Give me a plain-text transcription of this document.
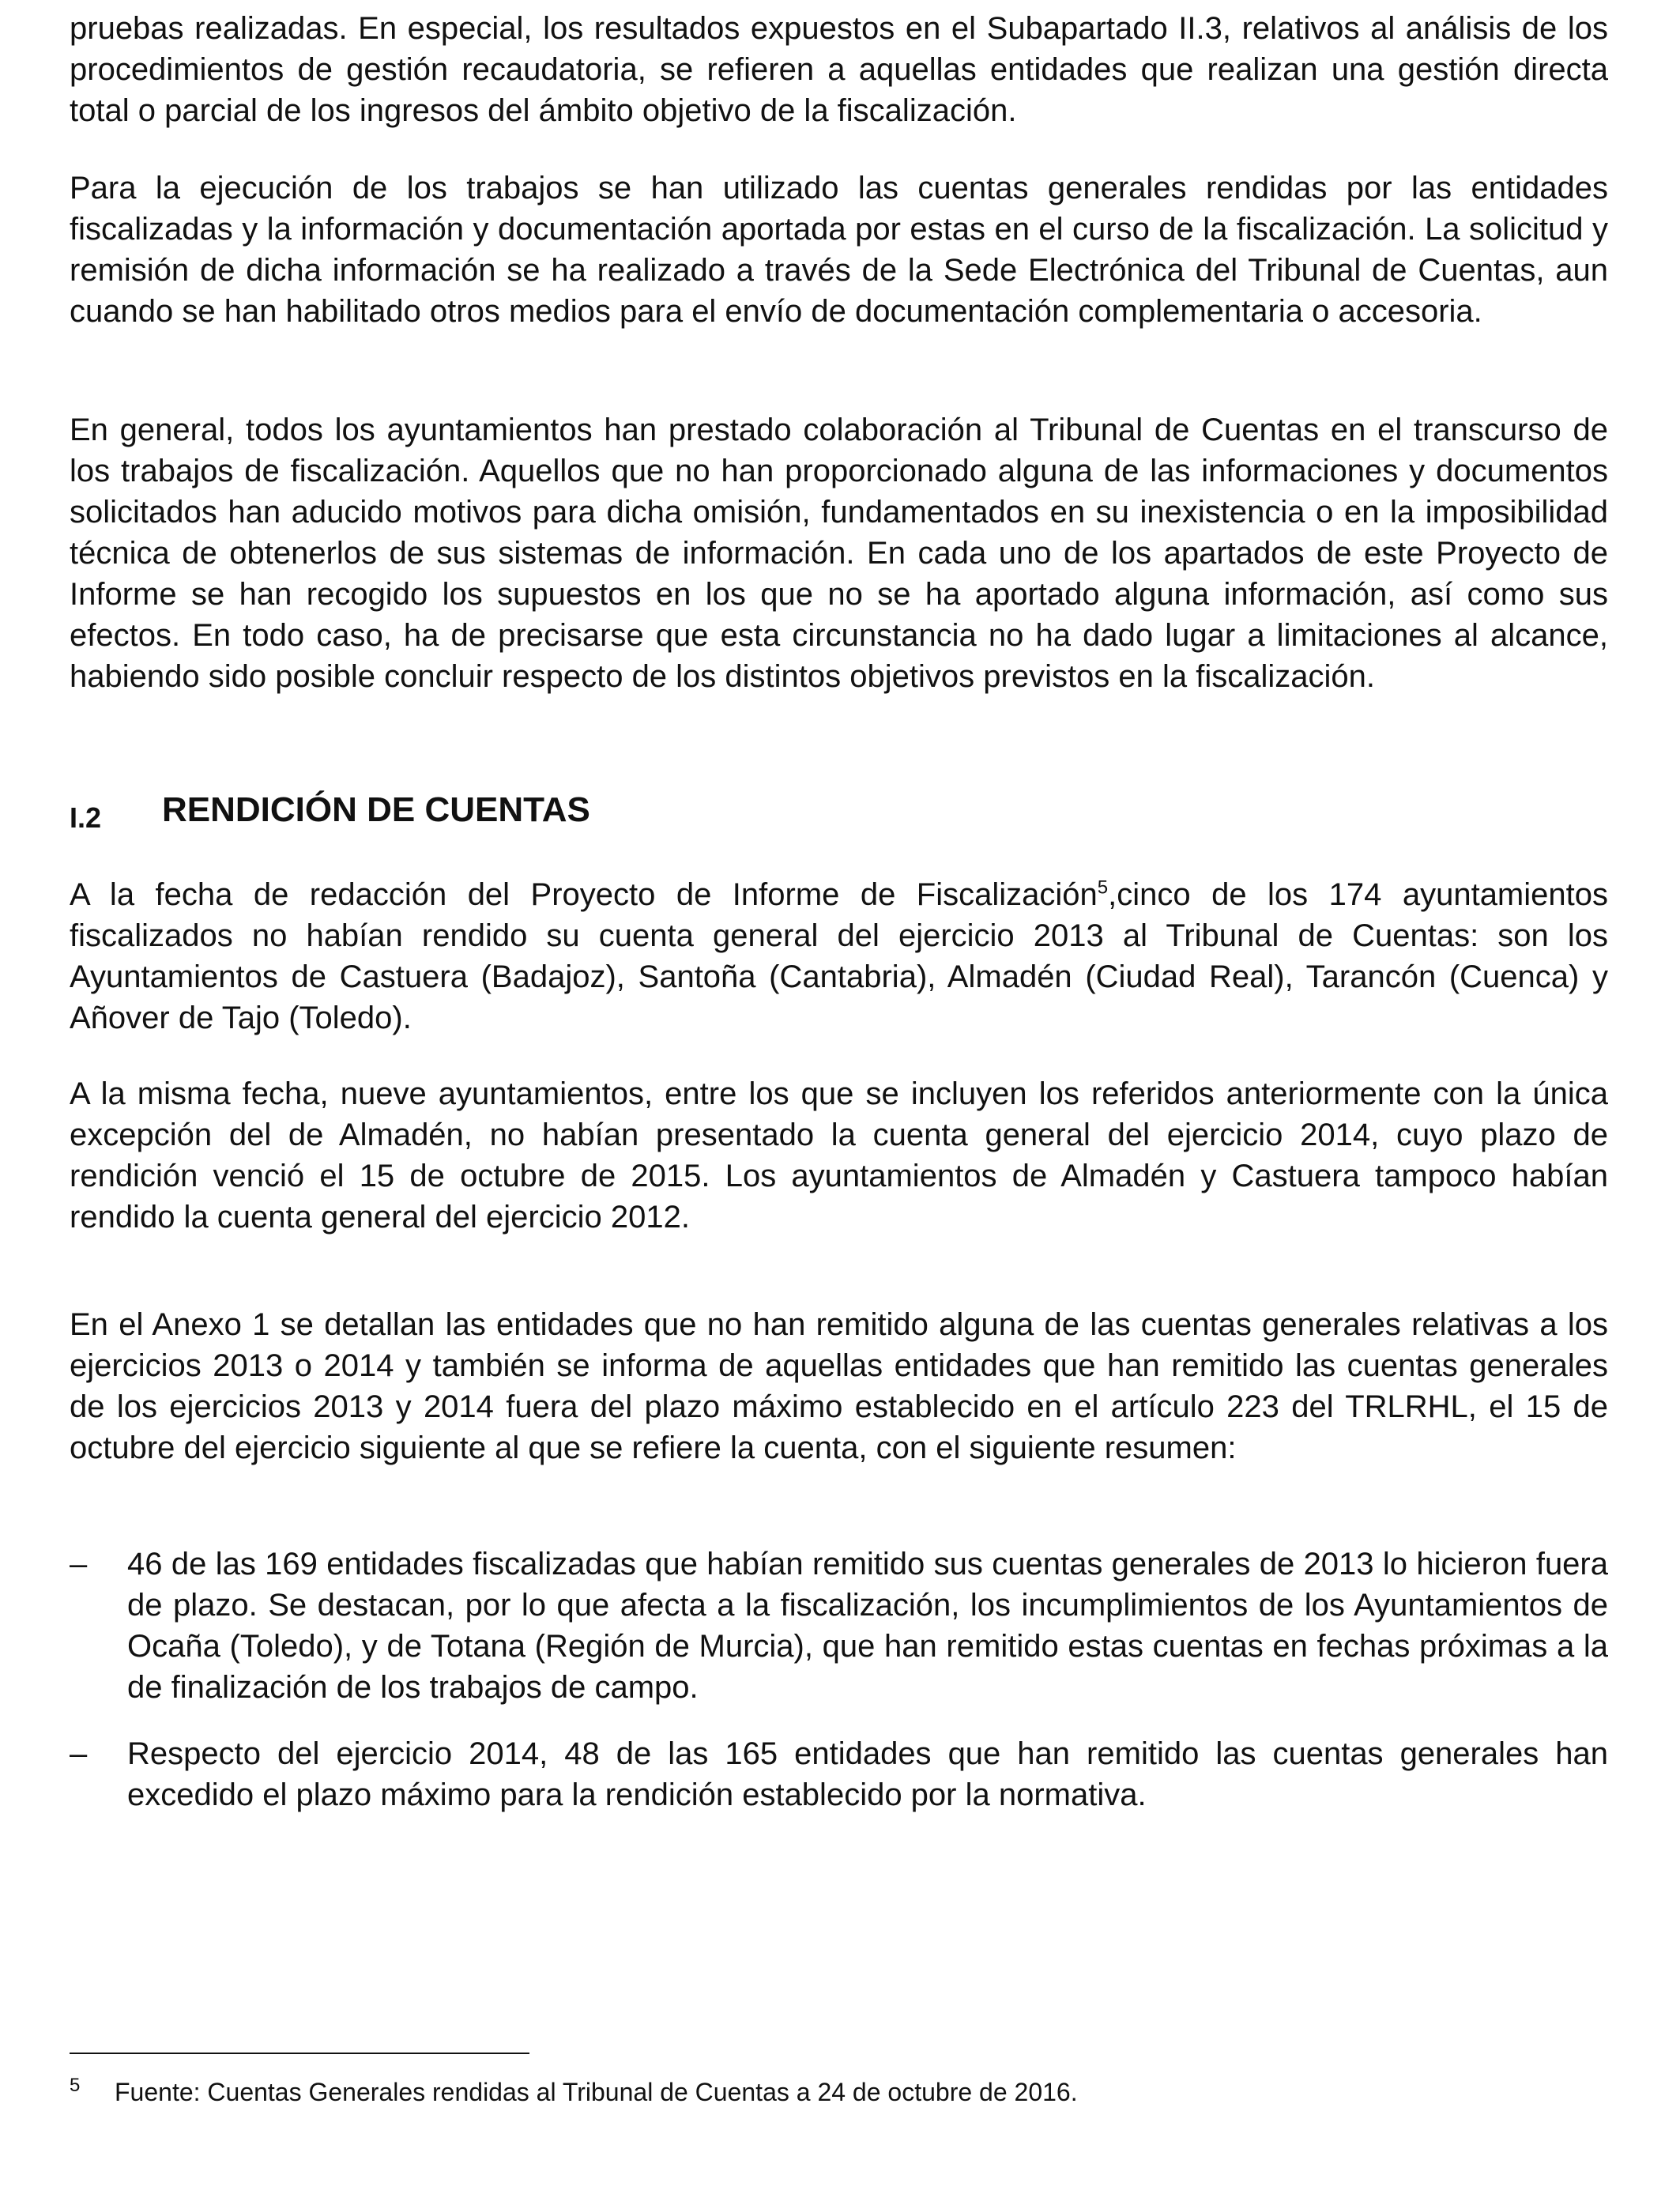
pruebas realizadas. En especial, los resultados expuestos en el Subapartado II.3, relativos al análisis de los procedimientos de gestión recaudatoria, se refieren a aquellas entidades que realizan una gestión directa total o parcial de los ingresos del ámbito objetivo de la fiscalización.

Para la ejecución de los trabajos se han utilizado las cuentas generales rendidas por las entidades fiscalizadas y la información y documentación aportada por estas en el curso de la fiscalización. La solicitud y remisión de dicha información se ha realizado a través de la Sede Electrónica del Tribunal de Cuentas, aun cuando se han habilitado otros medios para el envío de documentación complementaria o accesoria.

En general, todos los ayuntamientos han prestado colaboración al Tribunal de Cuentas en el transcurso de los trabajos de fiscalización. Aquellos que no han proporcionado alguna de las informaciones y documentos solicitados han aducido motivos para dicha omisión, fundamentados en su inexistencia o en la imposibilidad técnica de obtenerlos de sus sistemas de información. En cada uno de los apartados de este Proyecto de Informe se han recogido los supuestos en los que no se ha aportado alguna información, así como sus efectos. En todo caso, ha de precisarse que esta circunstancia no ha dado lugar a limitaciones al alcance, habiendo sido posible concluir respecto de los distintos objetivos previstos en la fiscalización.

I.2	RENDICIÓN DE CUENTAS

A la fecha de redacción del Proyecto de Informe de Fiscalización$^5$,cinco de los 174 ayuntamientos fiscalizados no habían rendido su cuenta general del ejercicio 2013 al Tribunal de Cuentas: son los Ayuntamientos de Castuera (Badajoz), Santoña (Cantabria), Almadén (Ciudad Real), Tarancón (Cuenca) y Añover de Tajo (Toledo).

A la misma fecha, nueve ayuntamientos, entre los que se incluyen los referidos anteriormente con la única excepción del de Almadén, no habían presentado la cuenta general del ejercicio 2014, cuyo plazo de rendición venció el 15 de octubre de 2015. Los ayuntamientos de Almadén y Castuera tampoco habían rendido la cuenta general del ejercicio 2012.

En el Anexo 1 se detallan las entidades que no han remitido alguna de las cuentas generales relativas a los ejercicios 2013 o 2014 y también se informa de aquellas entidades que han remitido las cuentas generales de los ejercicios 2013 y 2014 fuera del plazo máximo establecido en el artículo 223 del TRLRHL, el 15 de octubre del ejercicio siguiente al que se refiere la cuenta, con el siguiente resumen:

–	46 de las 169 entidades fiscalizadas que habían remitido sus cuentas generales de 2013 lo hicieron fuera de plazo. Se destacan, por lo que afecta a la fiscalización, los incumplimientos de los Ayuntamientos de Ocaña (Toledo), y de Totana (Región de Murcia), que han remitido estas cuentas en fechas próximas a la de finalización de los trabajos de campo.

–	Respecto del ejercicio 2014, 48 de las 165 entidades que han remitido las cuentas generales han excedido el plazo máximo para la rendición establecido por la normativa.

5 Fuente: Cuentas Generales rendidas al Tribunal de Cuentas a 24 de octubre de 2016.
